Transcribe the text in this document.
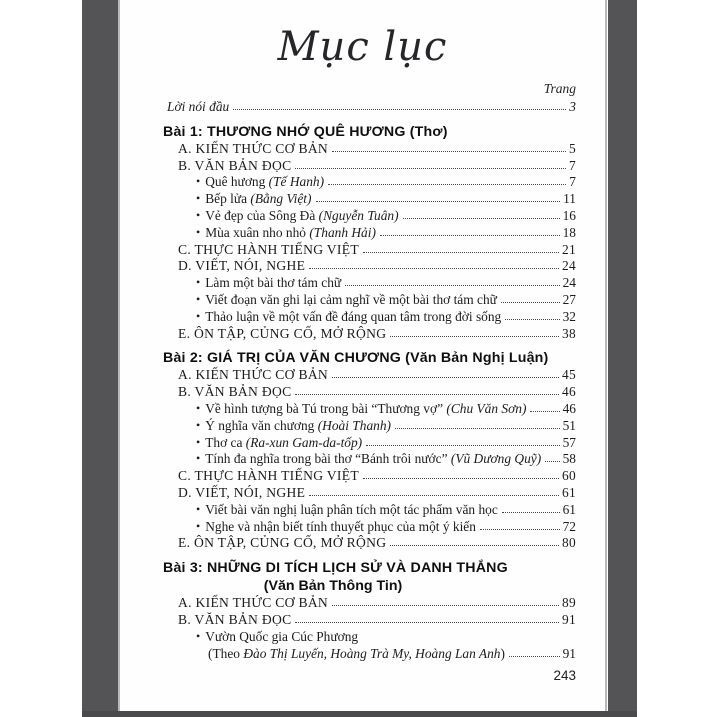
Mục lục
Trang
Lời nói đầu	3
Bài 1: THƯƠNG NHỚ QUÊ HƯƠNG (Thơ)
A. KIẾN THỨC CƠ BẢN	5
B. VĂN BẢN ĐỌC	7
• Quê hương (Tế Hanh)	7
• Bếp lửa (Bằng Việt)	11
• Vẻ đẹp của Sông Đà (Nguyễn Tuân)	16
• Mùa xuân nho nhỏ (Thanh Hải)	18
C. THỰC HÀNH TIẾNG VIỆT	21
D. VIẾT, NÓI, NGHE	24
• Làm một bài thơ tám chữ	24
• Viết đoạn văn ghi lại cảm nghĩ về một bài thơ tám chữ	27
• Thảo luận về một vấn đề đáng quan tâm trong đời sống	32
E. ÔN TẬP, CỦNG CỐ, MỞ RỘNG	38
Bài 2: GIÁ TRỊ CỦA VĂN CHƯƠNG (Văn Bản Nghị Luận)
A. KIẾN THỨC CƠ BẢN	45
B. VĂN BẢN ĐỌC	46
• Về hình tượng bà Tú trong bài “Thương vợ” (Chu Văn Sơn)	46
• Ý nghĩa văn chương (Hoài Thanh)	51
• Thơ ca (Ra-xun Gam-da-tốp)	57
• Tính đa nghĩa trong bài thơ “Bánh trôi nước” (Vũ Dương Quỹ) 58
C. THỰC HÀNH TIẾNG VIỆT	60
D. VIẾT, NÓI, NGHE	61
• Viết bài văn nghị luận phân tích một tác phẩm văn học	61
• Nghe và nhận biết tính thuyết phục của một ý kiến	72
E. ÔN TẬP, CỦNG CỐ, MỞ RỘNG	80
Bài 3: NHỮNG DI TÍCH LỊCH SỬ VÀ DANH THẮNG
(Văn Bản Thông Tin)
A. KIẾN THỨC CƠ BẢN	89
B. VĂN BẢN ĐỌC	91
• Vườn Quốc gia Cúc Phương
(Theo Đào Thị Luyến, Hoàng Trà My, Hoàng Lan Anh)	91
243
